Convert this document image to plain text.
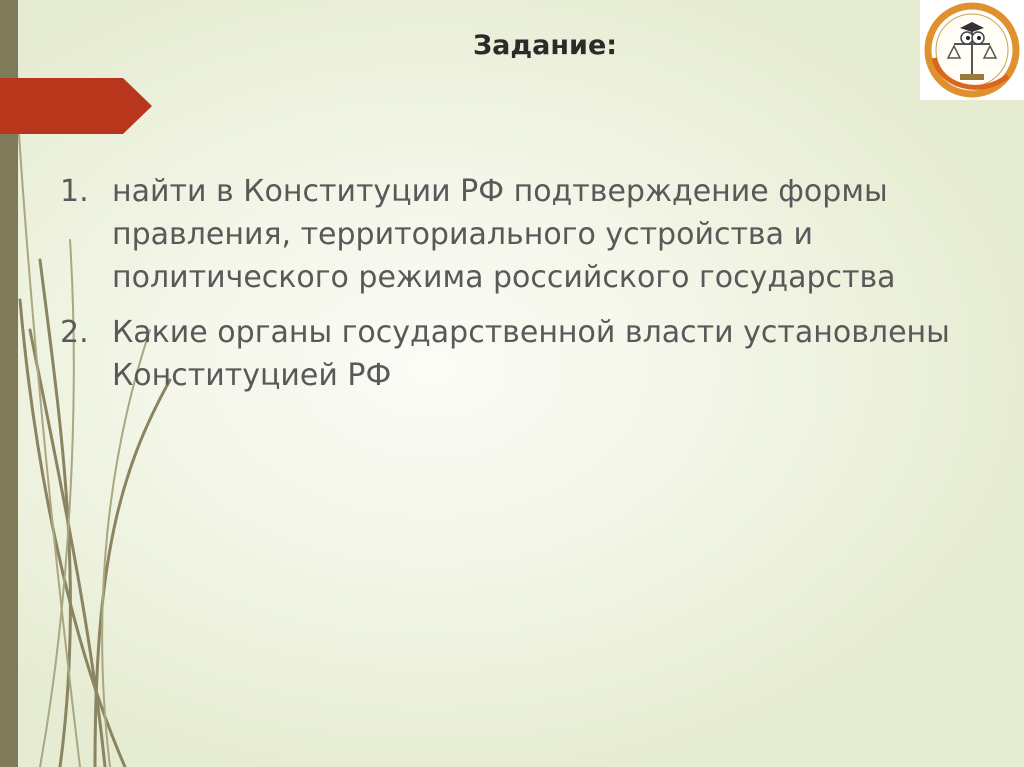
Задание:
1. найти в Конституции РФ подтверждение формы правления, территориального устройства и политического режима российского государства
2. Какие органы государственной власти установлены Конституцией РФ
